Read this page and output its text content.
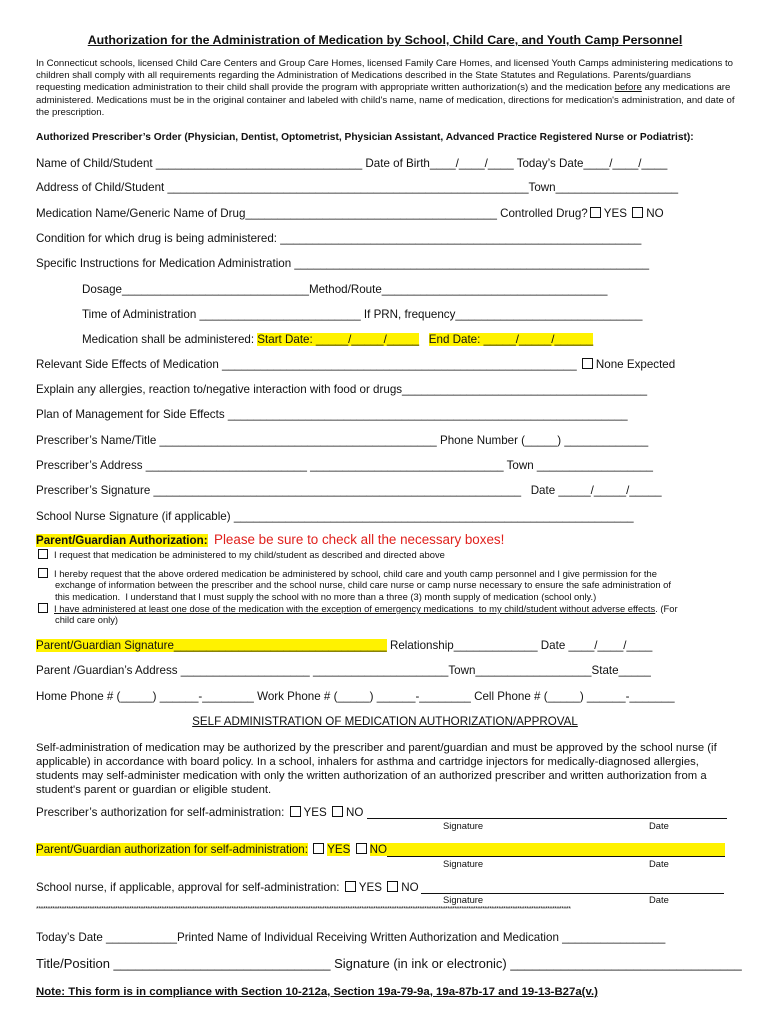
Authorization for the Administration of Medication by School, Child Care, and Youth Camp Personnel
In Connecticut schools, licensed Child Care Centers and Group Care Homes, licensed Family Care Homes, and licensed Youth Camps administering medications to children shall comply with all requirements regarding the Administration of Medications described in the State Statutes and Regulations. Parents/guardians requesting medication administration to their child shall provide the program with appropriate written authorization(s) and the medication before any medications are administered. Medications must be in the original container and labeled with child's name, name of medication, directions for medication's administration, and date of the prescription.
Authorized Prescriber’s Order (Physician, Dentist, Optometrist, Physician Assistant, Advanced Practice Registered Nurse or Podiatrist):
Name of Child/Student ________________________________ Date of Birth____/____/____ Today’s Date____/____/____
Address of Child/Student ________________________________________________________Town___________________
Medication Name/Generic Name of Drug_______________________________________ Controlled Drug? YES NO
Condition for which drug is being administered: ________________________________________________________
Specific Instructions for Medication Administration _______________________________________________________
Dosage_____________________________Method/Route___________________________________
Time of Administration _________________________ If PRN, frequency_____________________________
Medication shall be administered: Start Date: _____/_____/_____ End Date: _____/_____/______
Relevant Side Effects of Medication _______________________________________________________ None Expected
Explain any allergies, reaction to/negative interaction with food or drugs______________________________________
Plan of Management for Side Effects ______________________________________________________________
Prescriber’s Name/Title ___________________________________________ Phone Number (_____) _____________
Prescriber’s Address _________________________ ______________________________ Town __________________
Prescriber’s Signature _________________________________________________________   Date _____/_____/_____
School Nurse Signature (if applicable) ______________________________________________________________
Parent/Guardian Authorization: Please be sure to check all the necessary boxes!
I request that medication be administered to my child/student as described and directed above
I hereby request that the above ordered medication be administered by school, child care and youth camp personnel and I give permission for the
exchange of information between the prescriber and the school nurse, child care nurse or camp nurse necessary to ensure the safe administration of
this medication.  I understand that I must supply the school with no more than a three (3) month supply of medication (school only.)
I have administered at least one dose of the medication with the exception of emergency medications  to my child/student without adverse effects. (For
child care only)
Parent/Guardian Signature_________________________________ Relationship_____________ Date ____/____/____
Parent /Guardian’s Address ____________________ _____________________Town__________________State_____
Home Phone # (_____) ______-________ Work Phone # (_____) ______-________ Cell Phone # (_____) ______-_______
SELF ADMINISTRATION OF MEDICATION AUTHORIZATION/APPROVAL
Self-administration of medication may be authorized by the prescriber and parent/guardian and must be approved by the school nurse (if applicable) in accordance with board policy. In a school, inhalers for asthma and cartridge injectors for medically-diagnosed allergies, students may self-administer medication with only the written authorization of an authorized prescriber and written authorization from a student's parent or guardian or eligible student.
Prescriber’s authorization for self-administration: YES NO
Signature	Date
Parent/Guardian authorization for self-administration: YES NO
Signature	Date
School nurse, if applicable, approval for self-administration: YES NO
Signature	Date
**************************************************************************************************************************************************************************************************************************************
Today’s Date ___________Printed Name of Individual Receiving Written Authorization and Medication ________________
Title/Position ______________________________ Signature (in ink or electronic) ________________________________
Note: This form is in compliance with Section 10-212a, Section 19a-79-9a, 19a-87b-17 and 19-13-B27a(v.)
